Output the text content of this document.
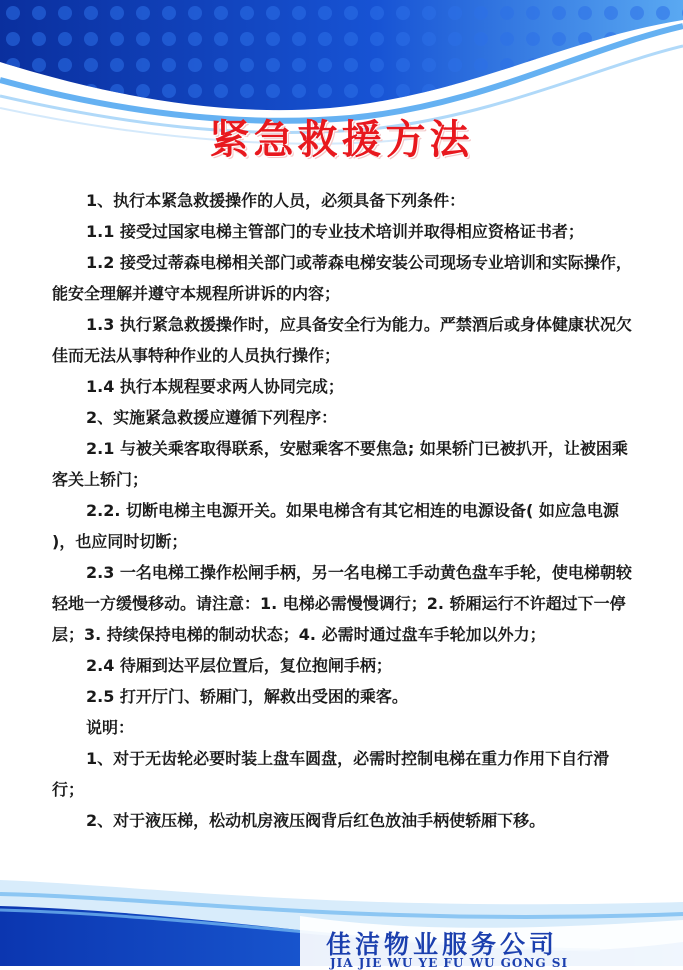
紧急救援方法

1、执行本紧急救援操作的人员，必须具备下列条件：

1.1 接受过国家电梯主管部门的专业技术培训并取得相应资格证书者；

1.2 接受过蒂森电梯相关部门或蒂森电梯安装公司现场专业培训和实际操作，能安全理解并遵守本规程所讲诉的内容；

1.3 执行紧急救援操作时，应具备安全行为能力。严禁酒后或身体健康状况欠佳而无法从事特种作业的人员执行操作；

1.4 执行本规程要求两人协同完成；

2、实施紧急救援应遵循下列程序：

2.1 与被关乘客取得联系，安慰乘客不要焦急; 如果轿门已被扒开，让被困乘客关上轿门；

2.2. 切断电梯主电源开关。如果电梯含有其它相连的电源设备( 如应急电源 )，也应同时切断；

2.3 一名电梯工操作松闸手柄，另一名电梯工手动黄色盘车手轮，使电梯朝较轻地一方缓慢移动。请注意：1. 电梯必需慢慢调行；2. 轿厢运行不许超过下一停层；3. 持续保持电梯的制动状态；4. 必需时通过盘车手轮加以外力；

2.4 待厢到达平层位置后，复位抱闸手柄；

2.5 打开厅门、轿厢门，解救出受困的乘客。

说明：

1、对于无齿轮必要时装上盘车圆盘，必需时控制电梯在重力作用下自行滑行；

2、对于液压梯，松动机房液压阀背后红色放油手柄使轿厢下移。

佳洁物业服务公司
JIA JIE WU YE FU WU GONG SI
